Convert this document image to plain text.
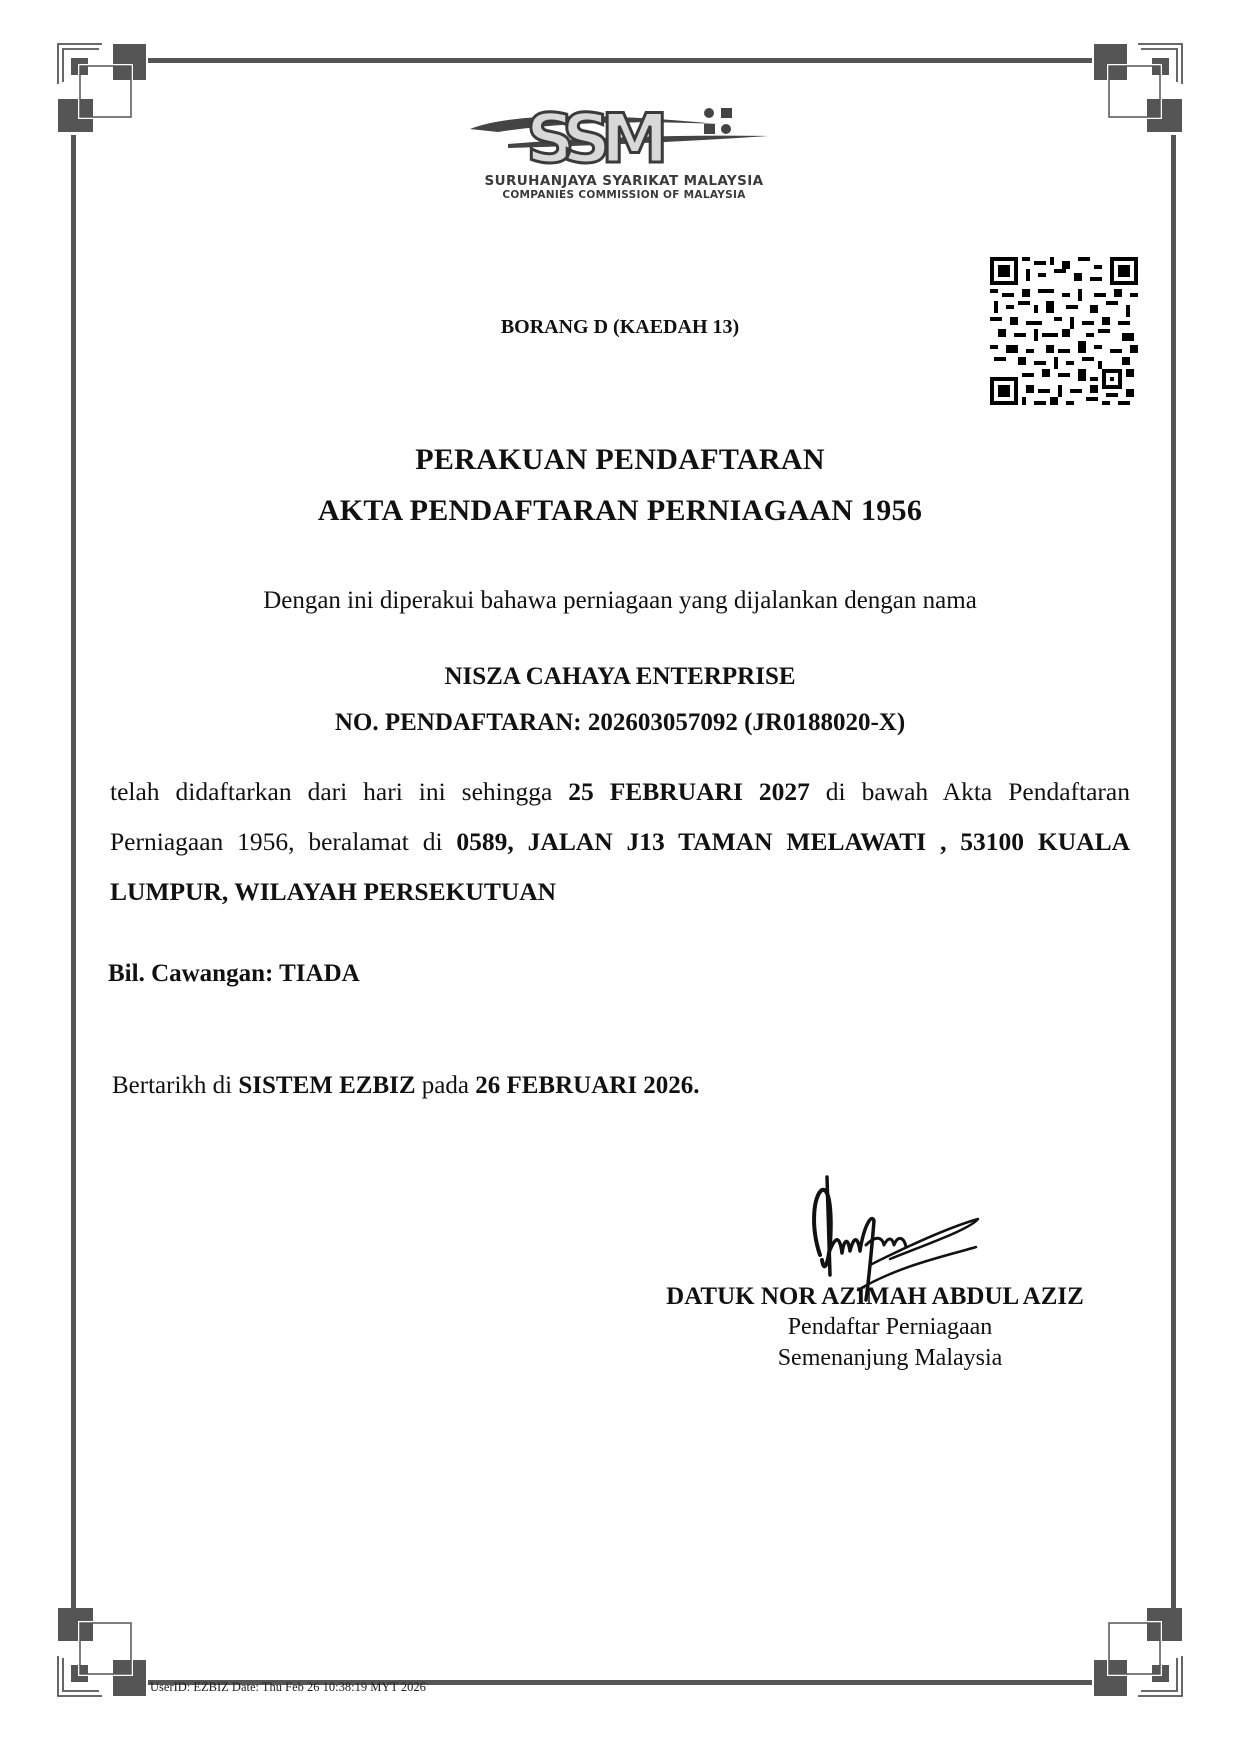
SSM
SURUHANJAYA SYARIKAT MALAYSIA
COMPANIES COMMISSION OF MALAYSIA
BORANG D (KAEDAH 13)
PERAKUAN PENDAFTARAN
AKTA PENDAFTARAN PERNIAGAAN 1956
Dengan ini diperakui bahawa perniagaan yang dijalankan dengan nama
NISZA CAHAYA ENTERPRISE
NO. PENDAFTARAN: 202603057092 (JR0188020-X)
telah didaftarkan dari hari ini sehingga 25 FEBRUARI 2027 di bawah Akta Pendaftaran Perniagaan 1956, beralamat di 0589, JALAN J13 TAMAN MELAWATI , 53100 KUALA LUMPUR, WILAYAH PERSEKUTUAN
Bil. Cawangan: TIADA
Bertarikh di SISTEM EZBIZ pada 26 FEBRUARI 2026.
DATUK NOR AZIMAH ABDUL AZIZ
Pendaftar Perniagaan
Semenanjung Malaysia
UserID: EZBIZ Date: Thu Feb 26 10:38:19 MYT 2026
